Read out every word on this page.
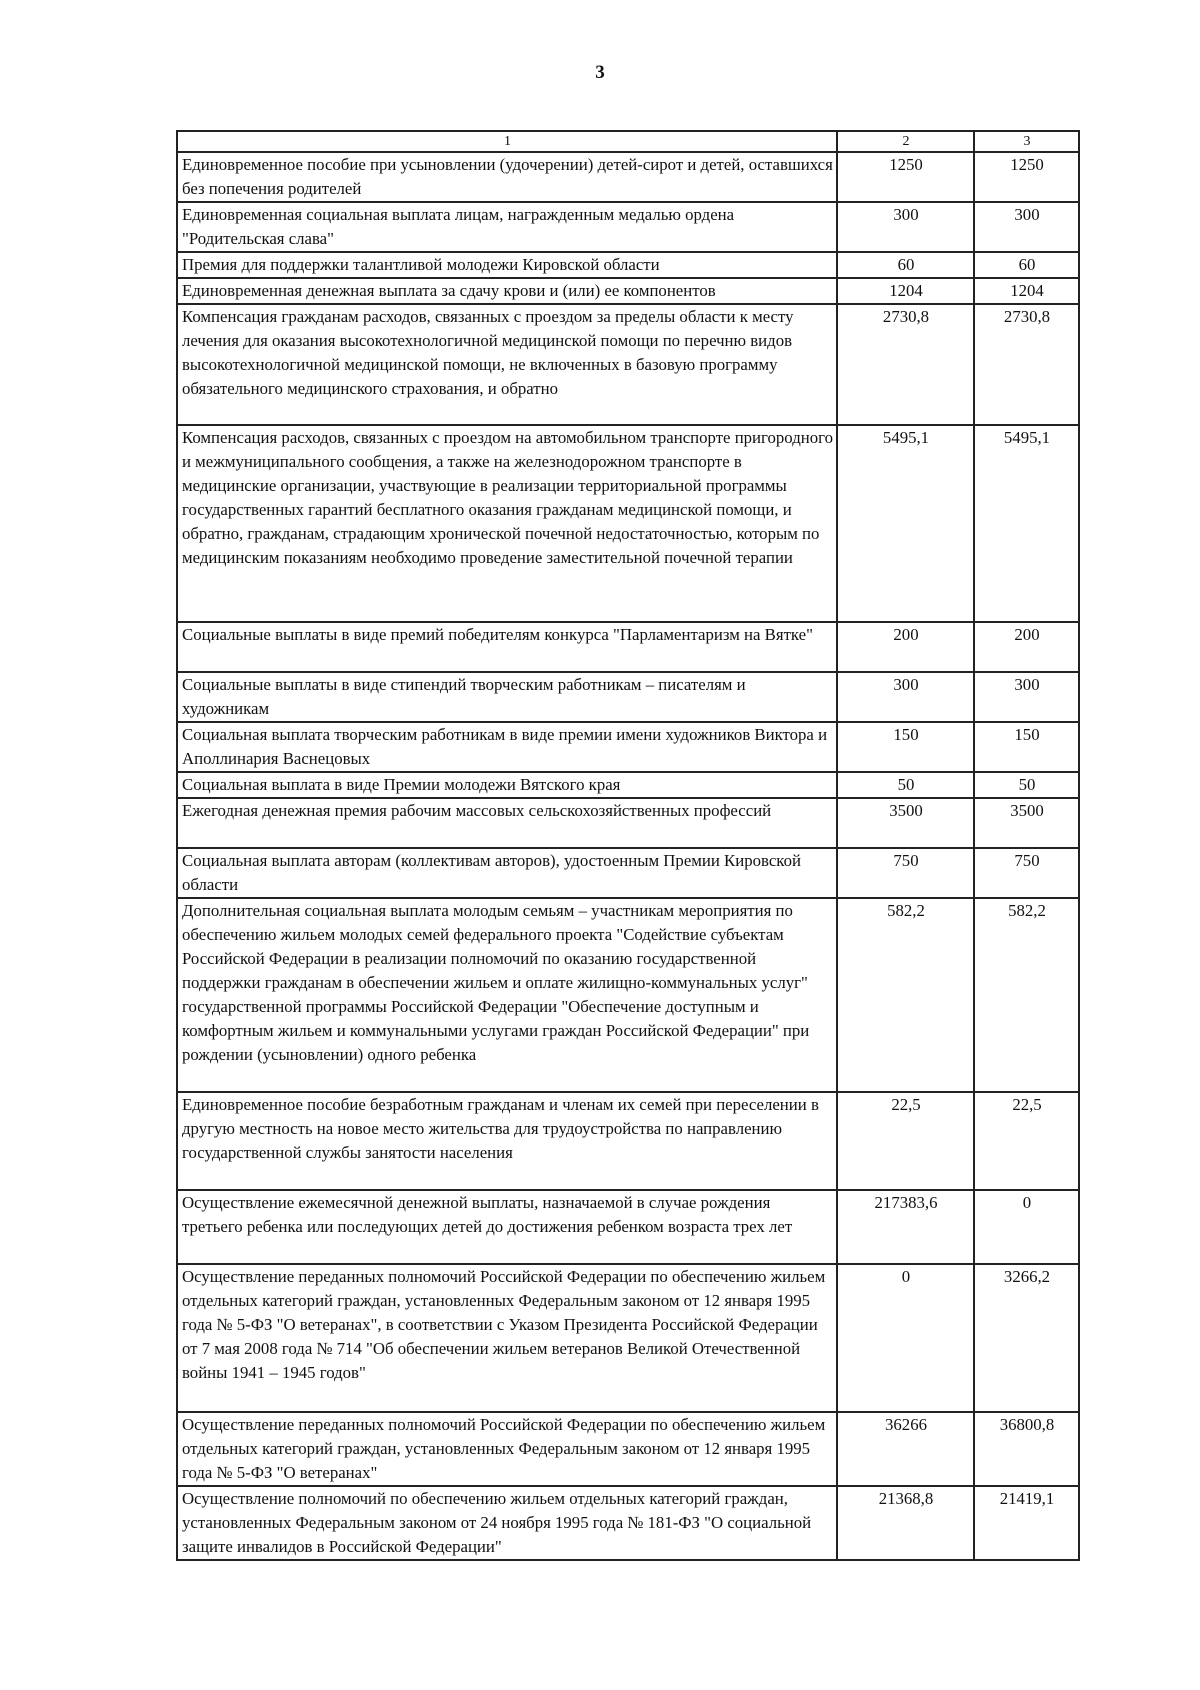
3
1	2	3
Единовременное пособие при усыновлении (удочерении) детей-сирот и детей, оставшихся без попечения родителей	1250	1250
Единовременная социальная выплата лицам, награжденным медалью ордена "Родительская слава"	300	300
Премия для поддержки талантливой молодежи Кировской области	60	60
Единовременная денежная выплата за сдачу крови и (или) ее компонентов	1204	1204
Компенсация гражданам расходов, связанных с проездом за пределы области к месту лечения для оказания высокотехнологичной медицинской помощи по перечню видов высокотехнологичной медицинской помощи, не включенных в базовую программу обязательного медицинского страхования, и обратно	2730,8	2730,8
Компенсация расходов, связанных с проездом на автомобильном транспорте пригородного и межмуниципального сообщения, а также на железнодорожном транспорте в медицинские организации, участвующие в реализации территориальной программы государственных гарантий бесплатного оказания гражданам медицинской помощи, и обратно, гражданам, страдающим хронической почечной недостаточностью, которым по медицинским показаниям необходимо проведение заместительной почечной терапии	5495,1	5495,1
Социальные выплаты в виде премий победителям конкурса "Парламентаризм на Вятке"	200	200
Социальные выплаты в виде стипендий творческим работникам – писателям и художникам	300	300
Социальная выплата творческим работникам в виде премии имени художников Виктора и Аполлинария Васнецовых	150	150
Социальная выплата в виде Премии молодежи Вятского края	50	50
Ежегодная денежная премия рабочим массовых сельскохозяйственных профессий	3500	3500
Социальная выплата авторам (коллективам авторов), удостоенным Премии Кировской области	750	750
Дополнительная социальная выплата молодым семьям – участникам мероприятия по обеспечению жильем молодых семей федерального проекта "Содействие субъектам Российской Федерации в реализации полномочий по оказанию государственной поддержки гражданам в обеспечении жильем и оплате жилищно-коммунальных услуг" государственной программы Российской Федерации "Обеспечение доступным и комфортным жильем и коммунальными услугами граждан Российской Федерации" при рождении (усыновлении) одного ребенка	582,2	582,2
Единовременное пособие безработным гражданам и членам их семей при переселении в другую местность на новое место жительства для трудоустройства по направлению государственной службы занятости населения	22,5	22,5
Осуществление ежемесячной денежной выплаты, назначаемой в случае рождения третьего ребенка или последующих детей до достижения ребенком возраста трех лет	217383,6	0
Осуществление переданных полномочий Российской Федерации по обеспечению жильем отдельных категорий граждан, установленных Федеральным законом от 12 января 1995 года № 5-ФЗ "О ветеранах", в соответствии с Указом Президента Российской Федерации от 7 мая 2008 года № 714 "Об обеспечении жильем ветеранов Великой Отечественной войны 1941 – 1945 годов"	0	3266,2
Осуществление переданных полномочий Российской Федерации по обеспечению жильем отдельных категорий граждан, установленных Федеральным законом от 12 января 1995 года № 5-ФЗ "О ветеранах"	36266	36800,8
Осуществление полномочий по обеспечению жильем отдельных категорий граждан, установленных Федеральным законом от 24 ноября 1995 года № 181-ФЗ "О социальной защите инвалидов в Российской Федерации"	21368,8	21419,1
